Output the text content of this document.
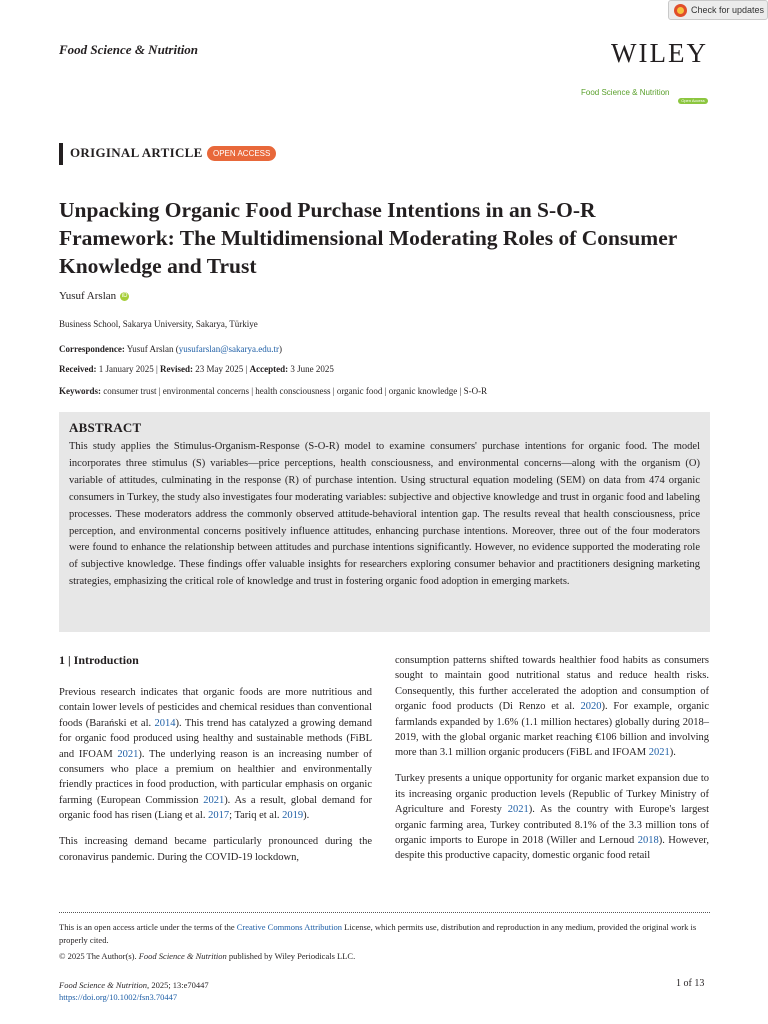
Check for updates
Food Science & Nutrition	WILEY
Food Science & Nutrition
Open Access
ORIGINAL ARTICLE	OPEN ACCESS
Unpacking Organic Food Purchase Intentions in an S-O-R Framework: The Multidimensional Moderating Roles of Consumer Knowledge and Trust
Yusuf Arslan iD
Business School, Sakarya University, Sakarya, Türkiye
Correspondence: Yusuf Arslan (yusufarslan@sakarya.edu.tr)
Received: 1 January 2025 | Revised: 23 May 2025 | Accepted: 3 June 2025
Keywords: consumer trust | environmental concerns | health consciousness | organic food | organic knowledge | S-O-R
ABSTRACT
This study applies the Stimulus-Organism-Response (S-O-R) model to examine consumers' purchase intentions for organic food. The model incorporates three stimulus (S) variables—price perceptions, health consciousness, and environmental concerns—along with the organism (O) variable of attitudes, culminating in the response (R) of purchase intention. Using structural equation modeling (SEM) on data from 474 organic consumers in Turkey, the study also investigates four moderating variables: subjective and objective knowledge and trust in organic food and labeling processes. These moderators address the commonly observed attitude-behavioral intention gap. The results reveal that health consciousness, price perception, and environmental concerns positively influence attitudes, enhancing purchase intentions. Moreover, three out of the four moderators were found to enhance the relationship between attitudes and purchase intentions significantly. However, no evidence supported the moderating role of subjective knowledge. These findings offer valuable insights for researchers exploring consumer behavior and practitioners designing marketing strategies, emphasizing the critical role of knowledge and trust in fostering organic food adoption in emerging markets.
1 | Introduction

Previous research indicates that organic foods are more nutritious and contain lower levels of pesticides and chemical residues than conventional foods (Barański et al. 2014). This trend has catalyzed a growing demand for organic food produced using healthy and sustainable methods (FiBL and IFOAM 2021). The underlying reason is an increasing number of consumers who place a premium on healthier and environmentally friendly practices in food production, with particular emphasis on organic farming (European Commission 2021). As a result, global demand for organic food has risen (Liang et al. 2017; Tariq et al. 2019).

This increasing demand became particularly pronounced during the coronavirus pandemic. During the COVID-19 lockdown,

consumption patterns shifted towards healthier food habits as consumers sought to maintain good nutritional status and reduce health risks. Consequently, this further accelerated the adoption and consumption of organic food products (Di Renzo et al. 2020). For example, organic farmlands expanded by 1.6% (1.1 million hectares) globally during 2018–2019, with the global organic market reaching €106 billion and involving more than 3.1 million organic producers (FiBL and IFOAM 2021).

Turkey presents a unique opportunity for organic market expansion due to its increasing organic production levels (Republic of Turkey Ministry of Agriculture and Foresty 2021). As the country with Europe's largest organic farming area, Turkey contributed 8.1% of the 3.3 million tons of organic imports to Europe in 2018 (Willer and Lernoud 2018). However, despite this productive capacity, domestic organic food retail

This is an open access article under the terms of the Creative Commons Attribution License, which permits use, distribution and reproduction in any medium, provided the original work is properly cited.
© 2025 The Author(s). Food Science & Nutrition published by Wiley Periodicals LLC.
Food Science & Nutrition, 2025; 13:e70447
https://doi.org/10.1002/fsn3.70447
1 of 13
